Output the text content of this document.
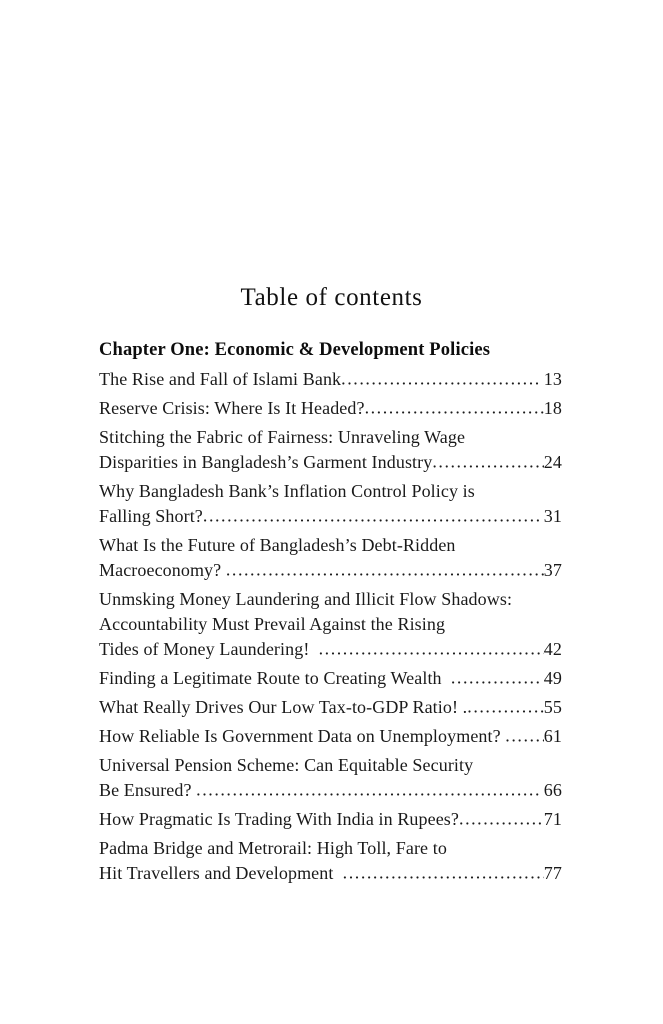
Table of contents
Chapter One: Economic & Development Policies
The Rise and Fall of Islami Bank .....	13
Reserve Crisis: Where Is It Headed? .....	18
Stitching the Fabric of Fairness: Unraveling Wage
Disparities in Bangladesh’s Garment Industry .....	24
Why Bangladesh Bank’s Inflation Control Policy is
Falling Short? .....	31
What Is the Future of Bangladesh’s Debt-Ridden
Macroeconomy? .....	37
Unmsking Money Laundering and Illicit Flow Shadows:
Accountability Must Prevail Against the Rising
Tides of Money Laundering! .....	42
Finding a Legitimate Route to Creating Wealth .....	49
What Really Drives Our Low Tax-to-GDP Ratio! . .....	55
How Reliable Is Government Data on Unemployment? ..... 61
Universal Pension Scheme: Can Equitable Security
Be Ensured? .....	66
How Pragmatic Is Trading With India in Rupees? .....	71
Padma Bridge and Metrorail: High Toll, Fare to
Hit Travellers and Development .....	77
